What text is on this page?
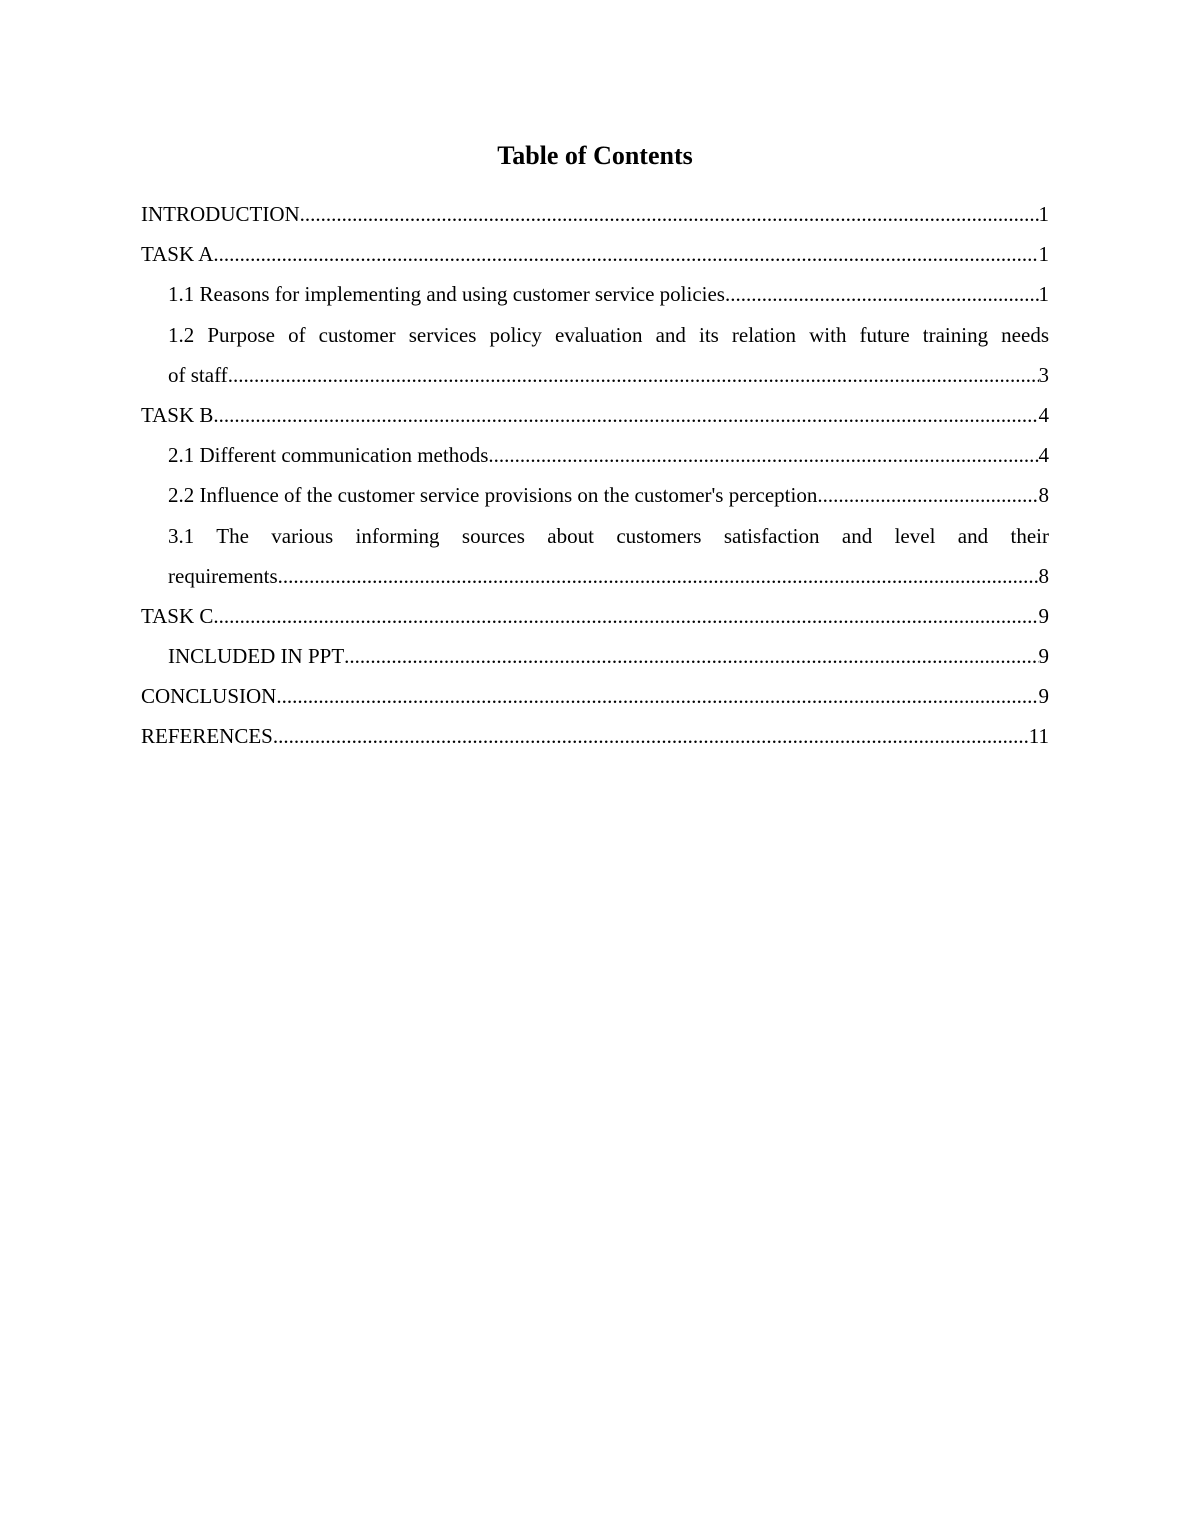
Table of Contents
INTRODUCTION .....	1
TASK A .....	1
1.1 Reasons for implementing and using customer service policies. .....	1
1.2 Purpose of customer services policy evaluation and its relation with future training needs
of staff .....	3
TASK B .....	4
2.1 Different communication methods .....	4
2.2 Influence of the customer service provisions on the customer's perception .....	8
3.1 The various informing sources about customers satisfaction and level and their
requirements .....	8
TASK C .....	9
INCLUDED IN PPT .....	9
CONCLUSION .....	9
REFERENCES .....	11
